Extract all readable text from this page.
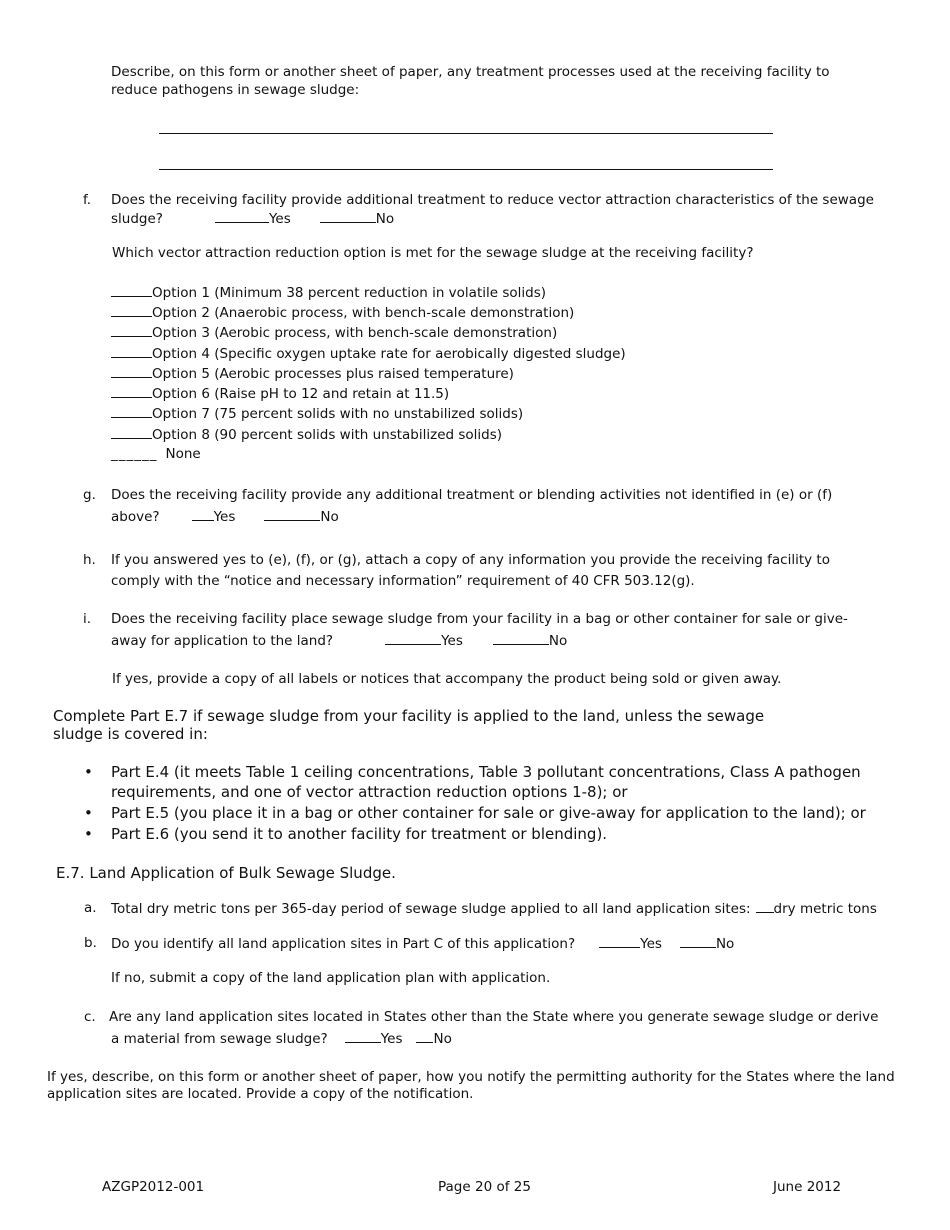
Describe, on this form or another sheet of paper, any treatment processes used at the receiving facility to
reduce pathogens in sewage sludge:
f. Does the receiving facility provide additional treatment to reduce vector attraction characteristics of the sewage
sludge?	Yes	No
Which vector attraction reduction option is met for the sewage sludge at the receiving facility?
Option 1 (Minimum 38 percent reduction in volatile solids)
Option 2 (Anaerobic process, with bench-scale demonstration)
Option 3 (Aerobic process, with bench-scale demonstration)
Option 4 (Specific oxygen uptake rate for aerobically digested sludge)
Option 5 (Aerobic processes plus raised temperature)
Option 6 (Raise pH to 12 and retain at 11.5)
Option 7 (75 percent solids with no unstabilized solids)
Option 8 (90 percent solids with unstabilized solids)
______ None
g. Does the receiving facility provide any additional treatment or blending activities not identified in (e) or (f)
above?	Yes	No
h. If you answered yes to (e), (f), or (g), attach a copy of any information you provide the receiving facility to
comply with the “notice and necessary information” requirement of 40 CFR 503.12(g).
i. Does the receiving facility place sewage sludge from your facility in a bag or other container for sale or give-
away for application to the land?	Yes	No
If yes, provide a copy of all labels or notices that accompany the product being sold or given away.
Complete Part E.7 if sewage sludge from your facility is applied to the land, unless the sewage
sludge is covered in:
• Part E.4 (it meets Table 1 ceiling concentrations, Table 3 pollutant concentrations, Class A pathogen
requirements, and one of vector attraction reduction options 1-8); or
• Part E.5 (you place it in a bag or other container for sale or give-away for application to the land); or
• Part E.6 (you send it to another facility for treatment or blending).
E.7. Land Application of Bulk Sewage Sludge.
a. Total dry metric tons per 365-day period of sewage sludge applied to all land application sites: dry metric tons
b. Do you identify all land application sites in Part C of this application?	Yes	No
If no, submit a copy of the land application plan with application.
c. Are any land application sites located in States other than the State where you generate sewage sludge or derive
a material from sewage sludge?	Yes No
If yes, describe, on this form or another sheet of paper, how you notify the permitting authority for the States where the land
application sites are located. Provide a copy of the notification.
AZGP2012-001	Page 20 of 25	June 2012
